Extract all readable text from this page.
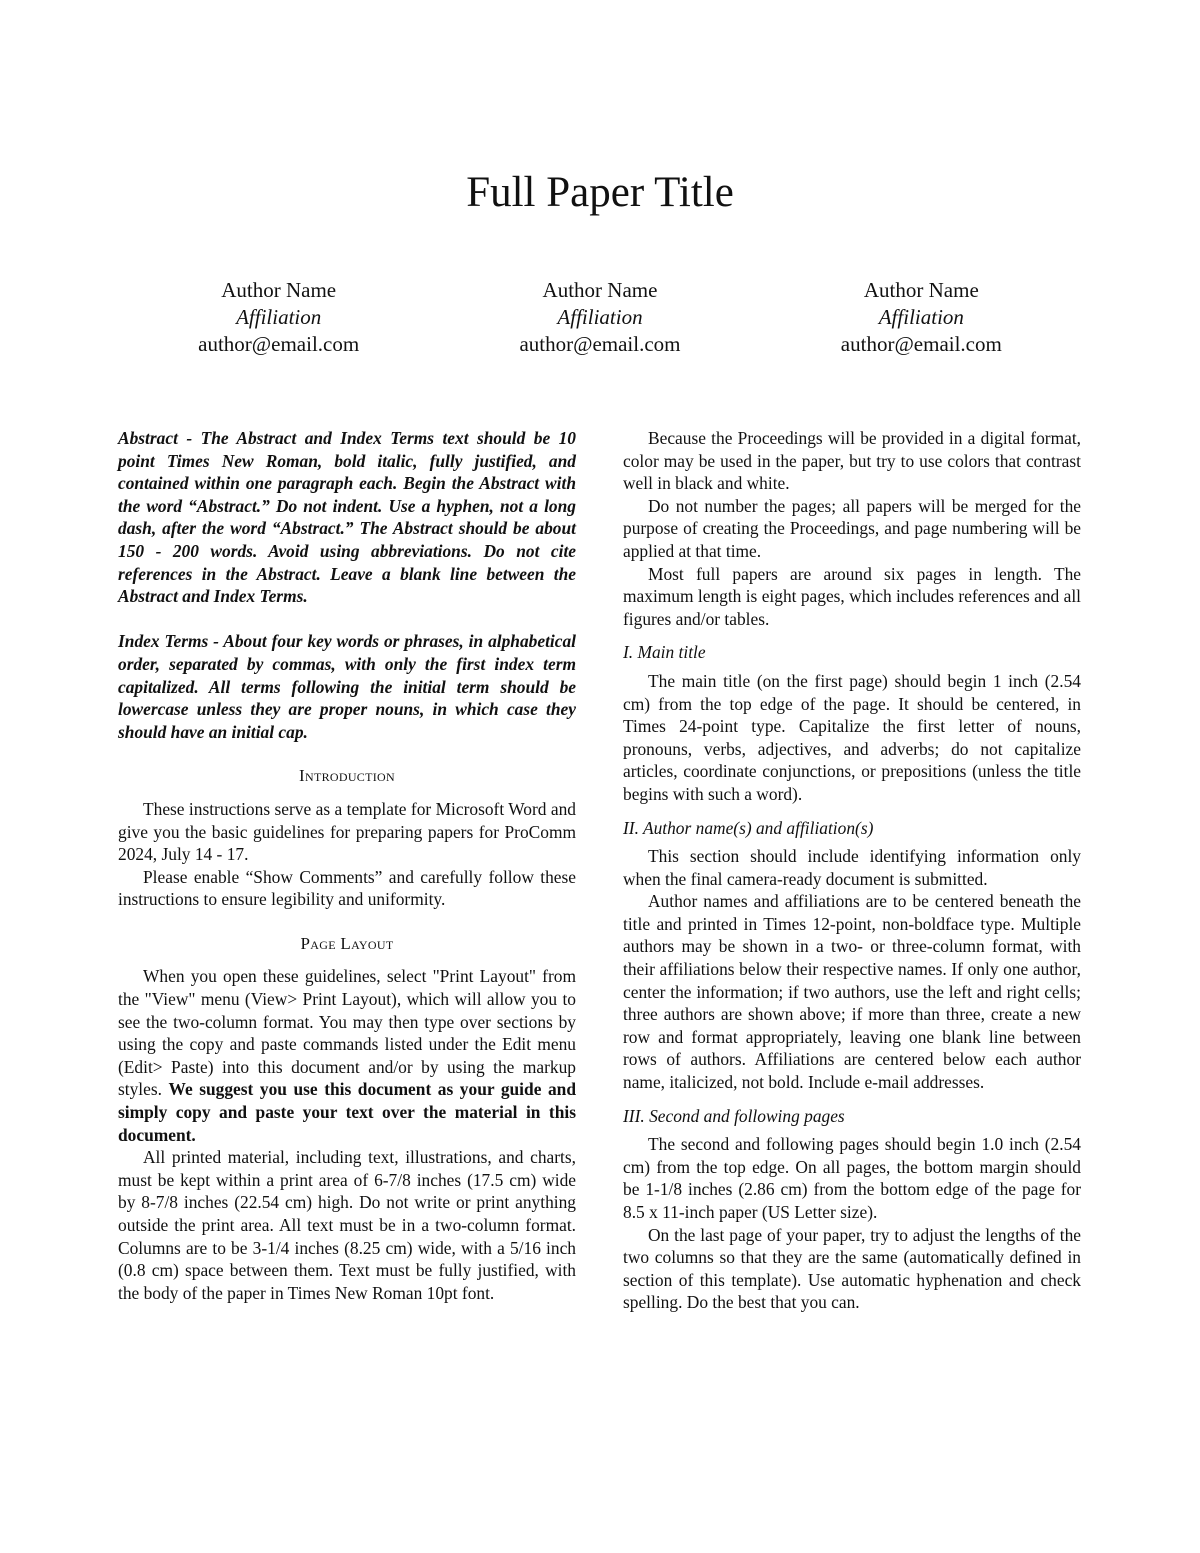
Full Paper Title
Author Name
Affiliation
author@email.com
Author Name
Affiliation
author@email.com
Author Name
Affiliation
author@email.com

Abstract - The Abstract and Index Terms text should be 10 point Times New Roman, bold italic, fully justified, and contained within one paragraph each. Begin the Abstract with the word “Abstract.” Do not indent. Use a hyphen, not a long dash, after the word “Abstract.” The Abstract should be about 150 - 200 words. Avoid using abbreviations. Do not cite references in the Abstract. Leave a blank line between the Abstract and Index Terms.

Index Terms - About four key words or phrases, in alphabetical order, separated by commas, with only the first index term capitalized. All terms following the initial term should be lowercase unless they are proper nouns, in which case they should have an initial cap.

Introduction

These instructions serve as a template for Microsoft Word and give you the basic guidelines for preparing papers for ProComm 2024, July 14 - 17.

Please enable “Show Comments” and carefully follow these instructions to ensure legibility and uniformity.

Page Layout

When you open these guidelines, select "Print Layout" from the "View" menu (View> Print Layout), which will allow you to see the two-column format. You may then type over sections by using the copy and paste commands listed under the Edit menu (Edit> Paste) into this document and/or by using the markup styles. We suggest you use this document as your guide and simply copy and paste your text over the material in this document.

All printed material, including text, illustrations, and charts, must be kept within a print area of 6-7/8 inches (17.5 cm) wide by 8-7/8 inches (22.54 cm) high. Do not write or print anything outside the print area. All text must be in a two-column format. Columns are to be 3-1/4 inches (8.25 cm) wide, with a 5/16 inch (0.8 cm) space between them. Text must be fully justified, with the body of the paper in Times New Roman 10pt font.

Because the Proceedings will be provided in a digital format, color may be used in the paper, but try to use colors that contrast well in black and white.

Do not number the pages; all papers will be merged for the purpose of creating the Proceedings, and page numbering will be applied at that time.

Most full papers are around six pages in length. The maximum length is eight pages, which includes references and all figures and/or tables.

I. Main title

The main title (on the first page) should begin 1 inch (2.54 cm) from the top edge of the page. It should be centered, in Times 24-point type. Capitalize the first letter of nouns, pronouns, verbs, adjectives, and adverbs; do not capitalize articles, coordinate conjunctions, or prepositions (unless the title begins with such a word).

II. Author name(s) and affiliation(s)

This section should include identifying information only when the final camera-ready document is submitted.

Author names and affiliations are to be centered beneath the title and printed in Times 12-point, non-boldface type. Multiple authors may be shown in a two- or three-column format, with their affiliations below their respective names. If only one author, center the information; if two authors, use the left and right cells; three authors are shown above; if more than three, create a new row and format appropriately, leaving one blank line between rows of authors. Affiliations are centered below each author name, italicized, not bold. Include e-mail addresses.

III. Second and following pages

The second and following pages should begin 1.0 inch (2.54 cm) from the top edge. On all pages, the bottom margin should be 1-1/8 inches (2.86 cm) from the bottom edge of the page for 8.5 x 11-inch paper (US Letter size).

On the last page of your paper, try to adjust the lengths of the two columns so that they are the same (automatically defined in section of this template). Use automatic hyphenation and check spelling. Do the best that you can.
